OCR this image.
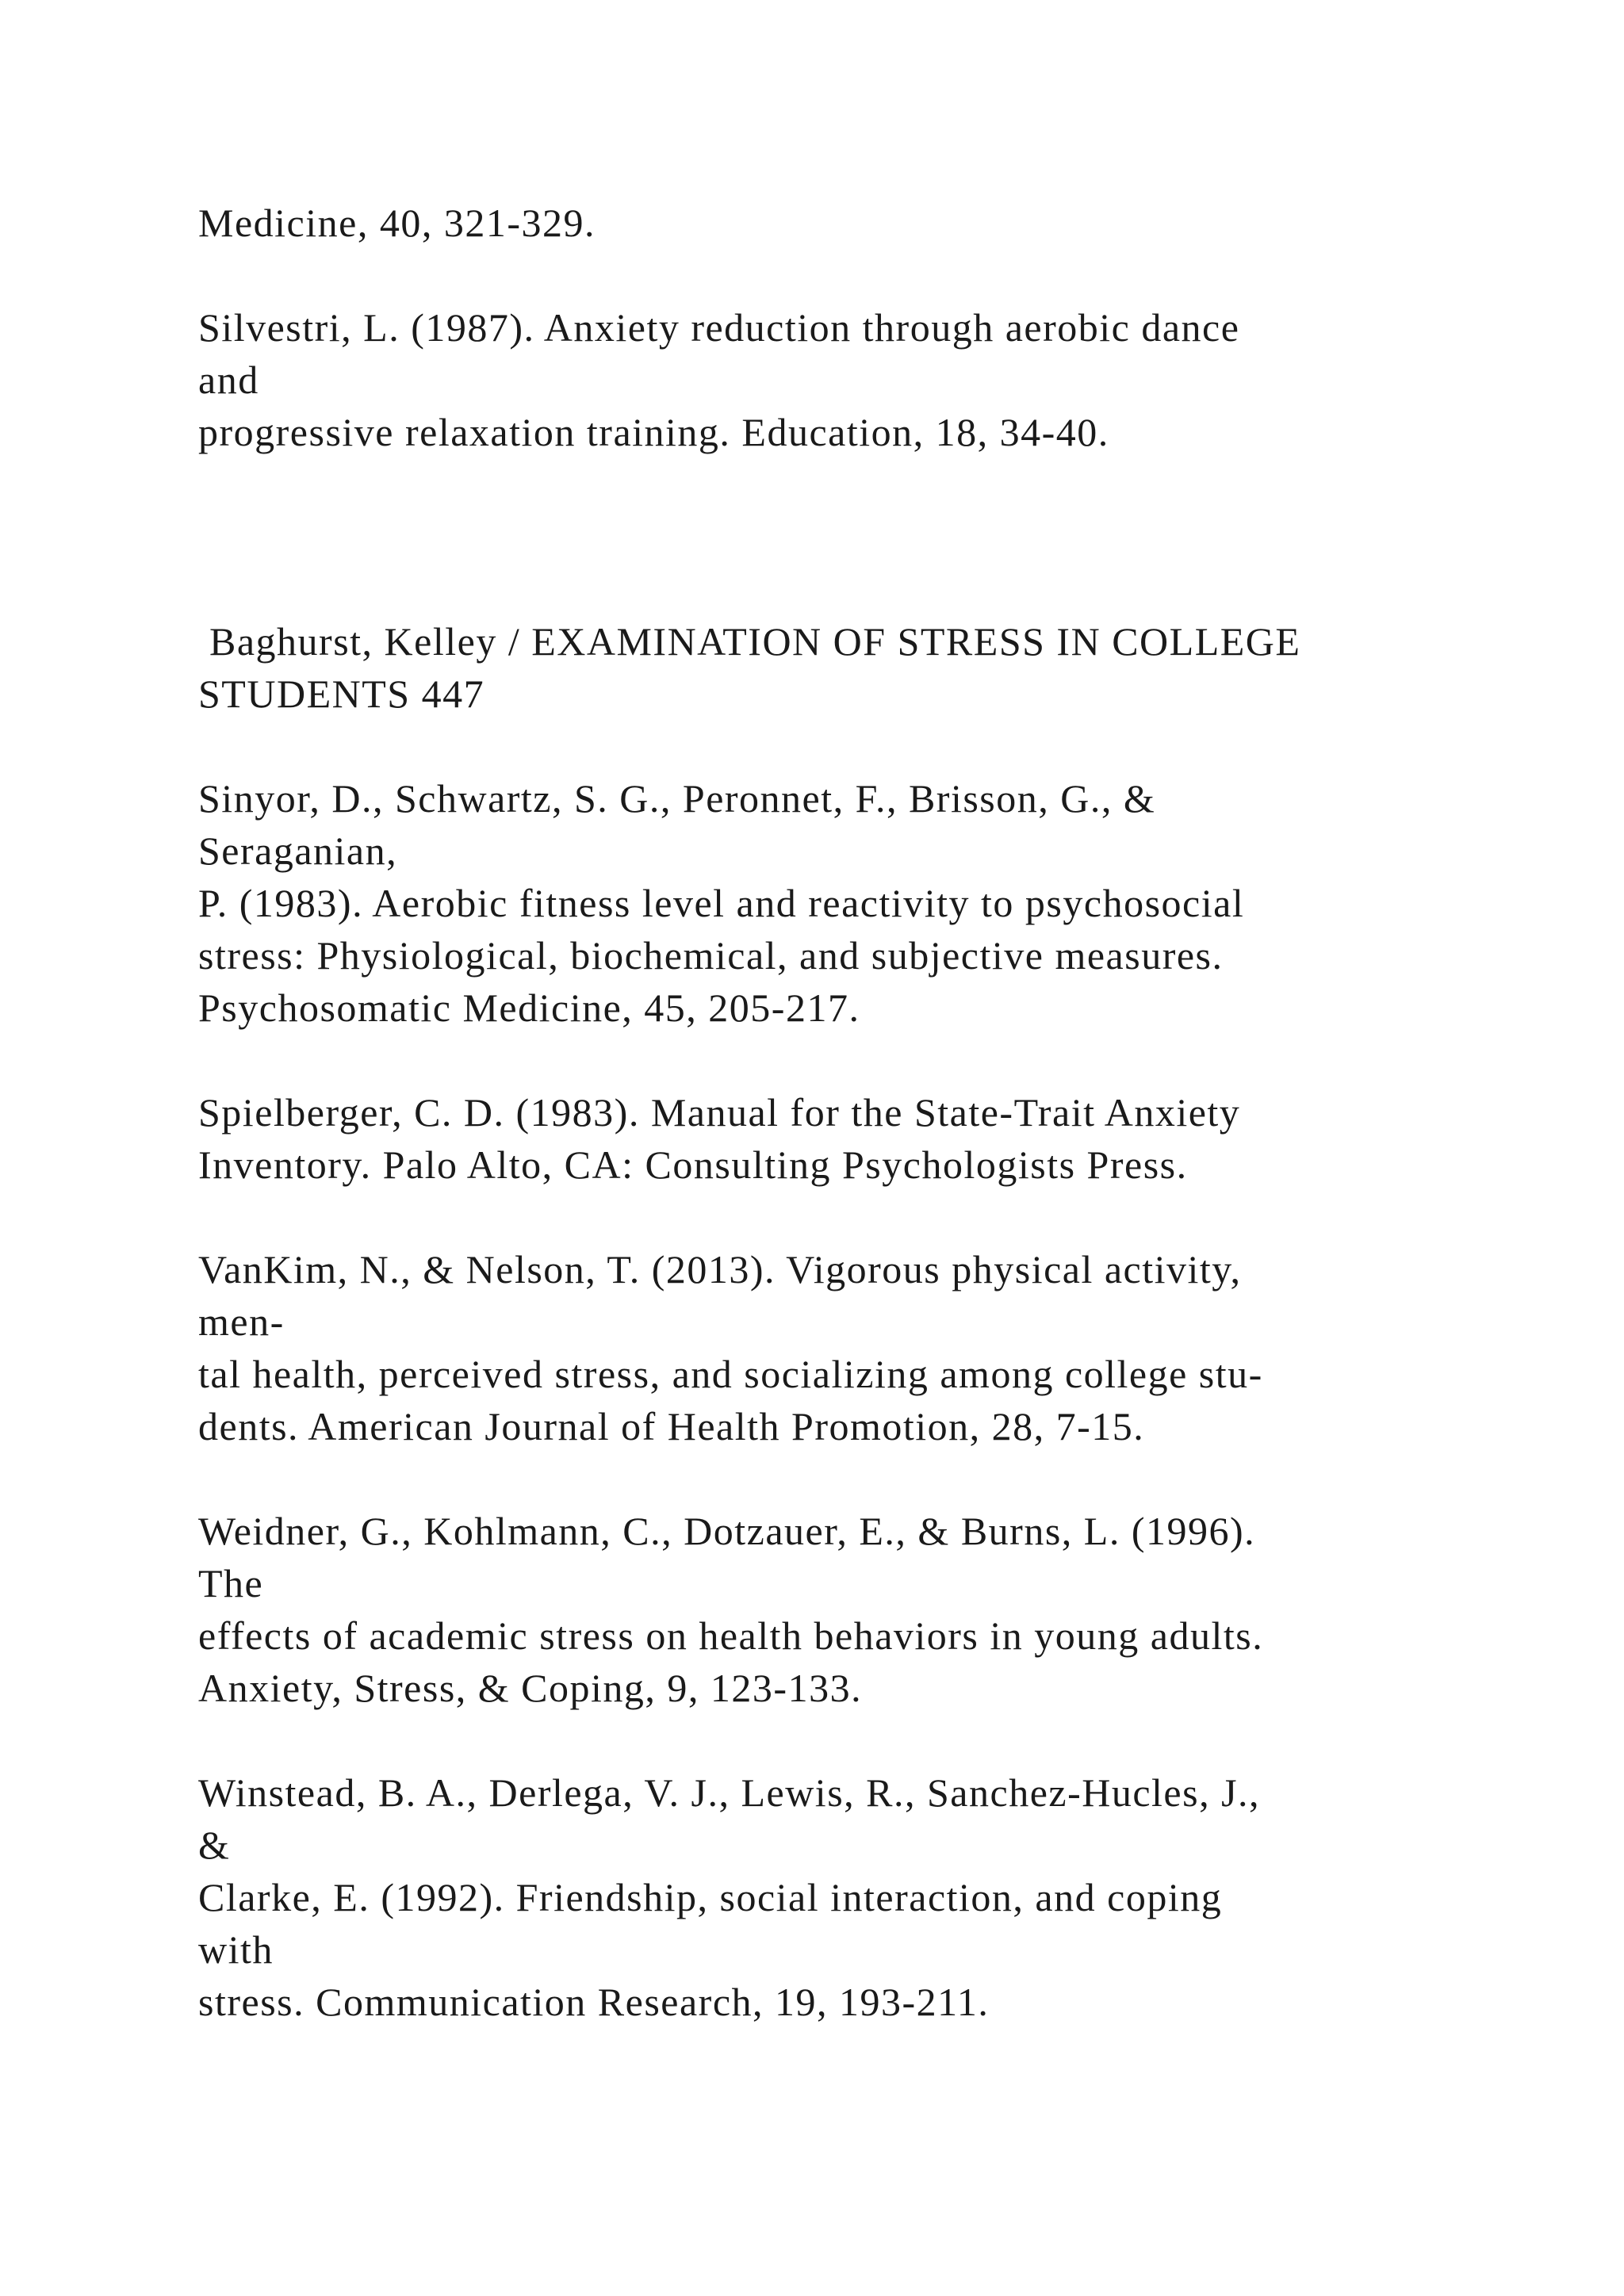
Medicine, 40, 321-329.

Silvestri, L. (1987). Anxiety reduction through aerobic dance

and

progressive relaxation training. Education, 18, 34-40.

Baghurst, Kelley / EXAMINATION OF STRESS IN COLLEGE

STUDENTS 447

Sinyor, D., Schwartz, S. G., Peronnet, F., Brisson, G., &

Seraganian,

P. (1983). Aerobic fitness level and reactivity to psychosocial

stress: Physiological, biochemical, and subjective measures.

Psychosomatic Medicine, 45, 205-217.

Spielberger, C. D. (1983). Manual for the State-Trait Anxiety

Inventory. Palo Alto, CA: Consulting Psychologists Press.

VanKim, N., & Nelson, T. (2013). Vigorous physical activity,

men-

tal health, perceived stress, and socializing among college stu-

dents. American Journal of Health Promotion, 28, 7-15.

Weidner, G., Kohlmann, C., Dotzauer, E., & Burns, L. (1996).

The

effects of academic stress on health behaviors in young adults.

Anxiety, Stress, & Coping, 9, 123-133.

Winstead, B. A., Derlega, V. J., Lewis, R., Sanchez-Hucles, J.,

&

Clarke, E. (1992). Friendship, social interaction, and coping

with

stress. Communication Research, 19, 193-211.
